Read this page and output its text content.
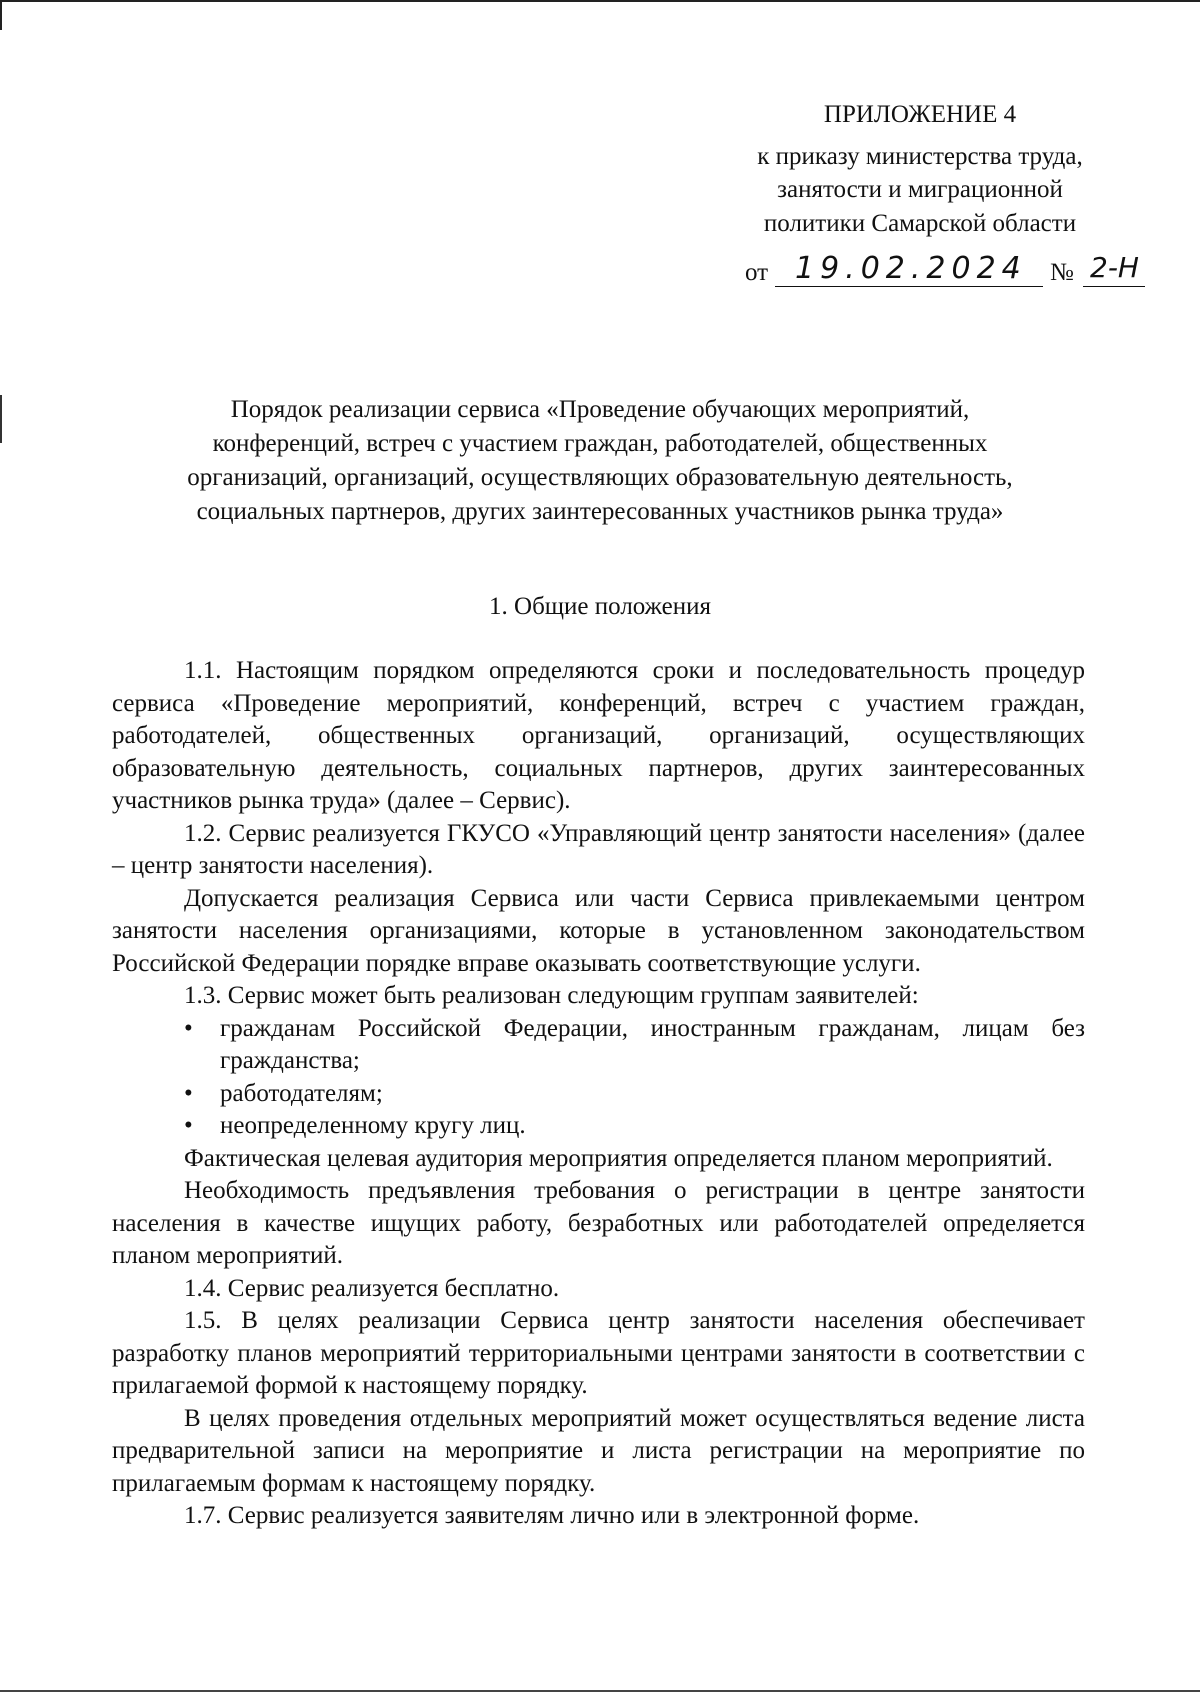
ПРИЛОЖЕНИЕ 4
к приказу министерства труда,
занятости и миграционной
политики Самарской области
от 19.02.2024 № 2-Н
Порядок реализации сервиса «Проведение обучающих мероприятий,
конференций, встреч с участием граждан, работодателей, общественных
организаций, организаций, осуществляющих образовательную деятельность,
социальных партнеров, других заинтересованных участников рынка труда»
1. Общие положения

1.1. Настоящим порядком определяются сроки и последовательность процедур сервиса «Проведение мероприятий, конференций, встреч с участием граждан, работодателей, общественных организаций, организаций, осуществляющих образовательную деятельность, социальных партнеров, других заинтересованных участников рынка труда» (далее – Сервис).

1.2. Сервис реализуется ГКУСО «Управляющий центр занятости населения» (далее – центр занятости населения).

Допускается реализация Сервиса или части Сервиса привлекаемыми центром занятости населения организациями, которые в установленном законодательством Российской Федерации порядке вправе оказывать соответствующие услуги.

1.3. Сервис может быть реализован следующим группам заявителей:

• гражданам Российской Федерации, иностранным гражданам, лицам без гражданства;
• работодателям;
• неопределенному кругу лиц.

Фактическая целевая аудитория мероприятия определяется планом мероприятий.

Необходимость предъявления требования о регистрации в центре занятости населения в качестве ищущих работу, безработных или работодателей определяется планом мероприятий.

1.4. Сервис реализуется бесплатно.

1.5. В целях реализации Сервиса центр занятости населения обеспечивает разработку планов мероприятий территориальными центрами занятости в соответствии с прилагаемой формой к настоящему порядку.

В целях проведения отдельных мероприятий может осуществляться ведение листа предварительной записи на мероприятие и листа регистрации на мероприятие по прилагаемым формам к настоящему порядку.

1.7. Сервис реализуется заявителям лично или в электронной форме.
